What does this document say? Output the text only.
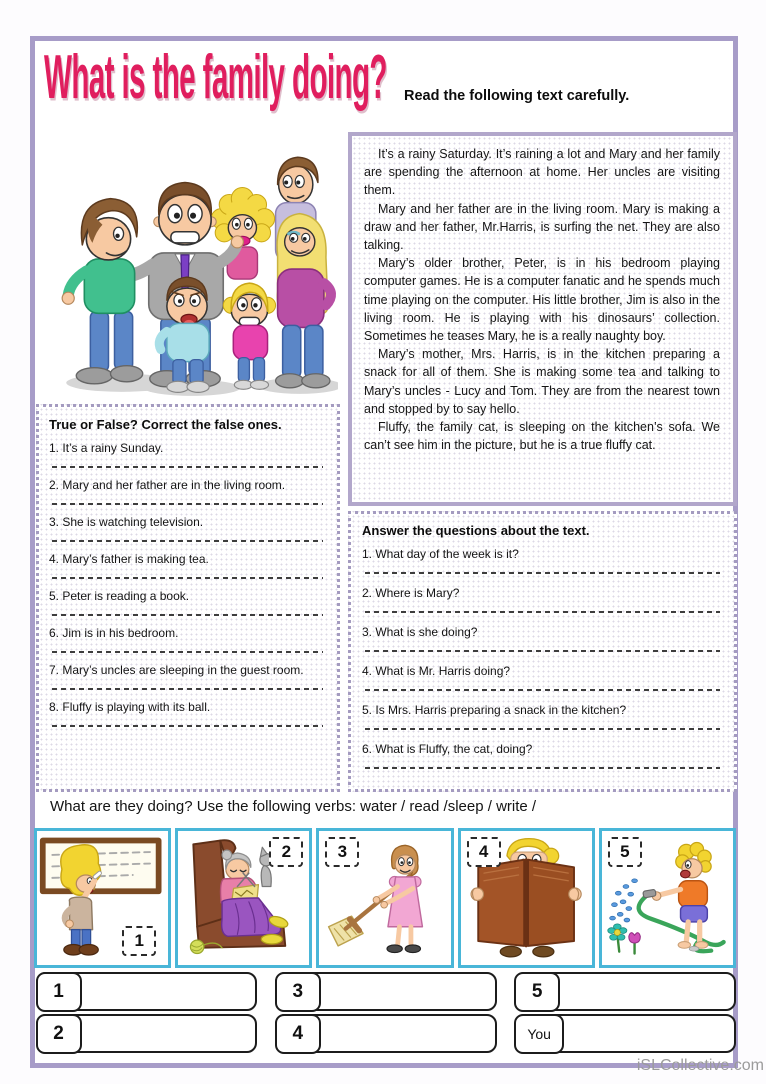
What is the family doing? Read the following text carefully.

It’s a rainy Saturday. It’s raining a lot and Mary and her family are spending the afternoon at home. Her uncles are visiting them.

Mary and her father are in the living room. Mary is making a draw and her father, Mr.Harris, is surfing the net. They are also talking.

Mary’s older brother, Peter, is in his bedroom playing computer games. He is a computer fanatic and he spends much time playing on the computer. His little brother, Jim is also in the living room. He is playing with his dinosaurs’ collection. Sometimes he teases Mary, he is a really naughty boy.

Mary’s mother, Mrs. Harris, is in the kitchen preparing a snack for all of them. She is making some tea and talking to Mary’s uncles - Lucy and Tom. They are from the nearest town and stopped by to say hello.

Fluffy, the family cat, is sleeping on the kitchen’s sofa. We can’t see him in the picture, but he is a true fluffy cat.

True or False? Correct the false ones.
1. It’s a rainy Sunday.
2. Mary and her father are in the living room.
3. She is watching television.
4. Mary’s father is making tea.
5. Peter is reading a book.
6. Jim is in his bedroom.
7. Mary’s uncles are sleeping in the guest room.
8. Fluffy is playing with its ball.
Answer the questions about the text.
1. What day of the week is it?
2. Where is Mary?
3. What is she doing?
4. What is Mr. Harris doing?
5. Is Mrs. Harris preparing a snack in the kitchen?
6. What is Fluffy, the cat, doing?
What are they doing? Use the following verbs: water / read /sleep / write /
1
2	3	4	5
1	3	5
2	4	You
iSLCollective.com
